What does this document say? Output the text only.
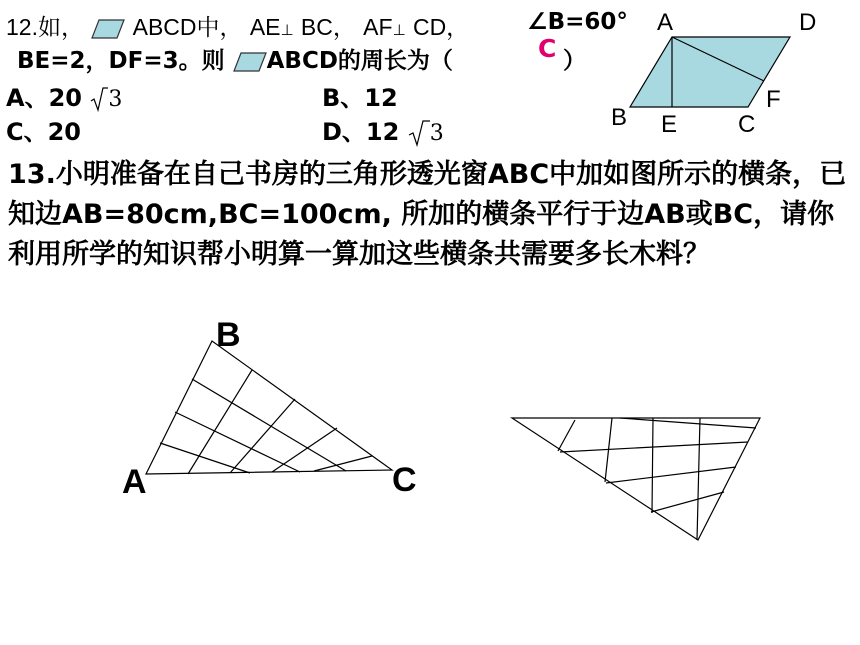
12.如， ABCD中， AE⊥ BC， AF⊥ CD，	∠B=60°
BE=2，DF=3。则 ABCD的周长为（	C ）
A、20 3	B、12
C、20	D、12 3
A	D
F
B E	C
13.小明准备在自己书房的三角形透光窗ABC中加如图所示的横条，已知边AB=80cm,BC=100cm, 所加的横条平行于边AB或BC，请你利用所学的知识帮小明算一算加这些横条共需要多长木料？
B
A	C
